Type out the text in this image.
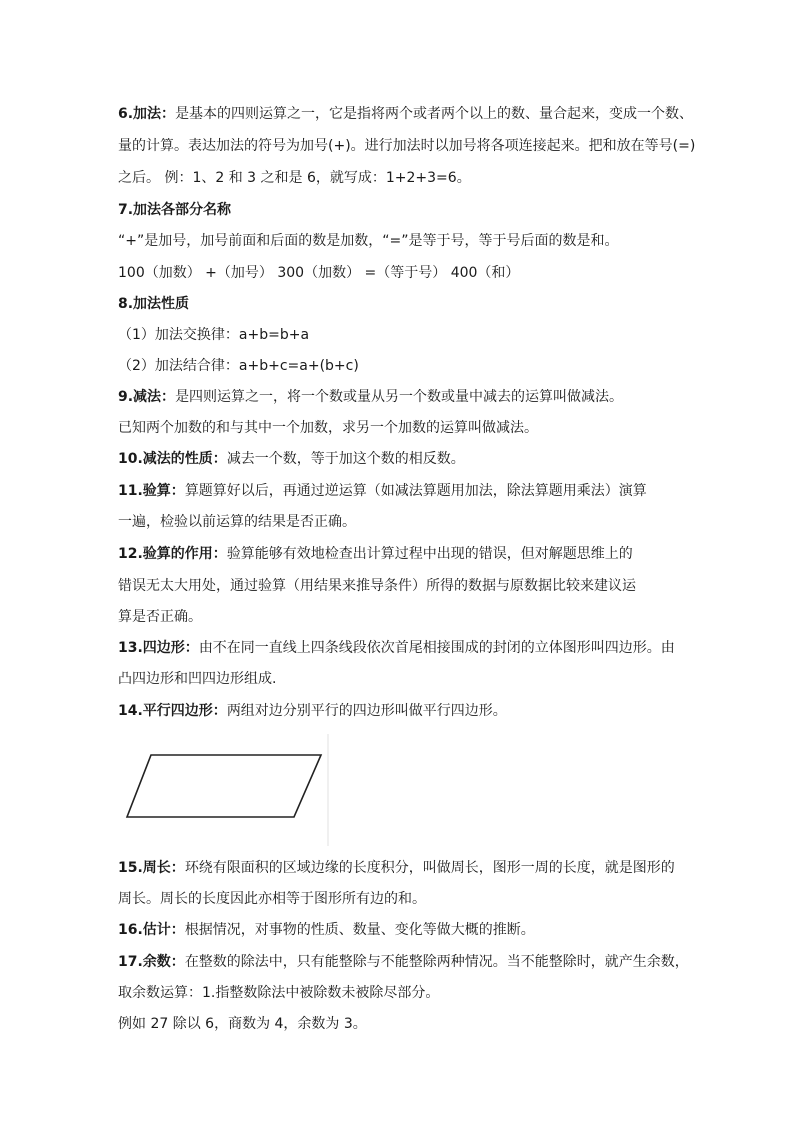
6.加法：是基本的四则运算之一，它是指将两个或者两个以上的数、量合起来，变成一个数、

量的计算。表达加法的符号为加号(+)。进行加法时以加号将各项连接起来。把和放在等号(=)

之后。 例：1、2 和 3 之和是 6，就写成：1+2+3=6。

7.加法各部分名称

“+”是加号，加号前面和后面的数是加数，“=”是等于号，等于号后面的数是和。

100（加数） +（加号） 300（加数） =（等于号） 400（和）

8.加法性质

（1）加法交换律：a+b=b+a

（2）加法结合律：a+b+c=a+(b+c)

9.减法：是四则运算之一，将一个数或量从另一个数或量中减去的运算叫做减法。

已知两个加数的和与其中一个加数，求另一个加数的运算叫做减法。

10.减法的性质：减去一个数，等于加这个数的相反数。

11.验算：算题算好以后，再通过逆运算（如减法算题用加法，除法算题用乘法）演算

一遍，检验以前运算的结果是否正确。

12.验算的作用：验算能够有效地检查出计算过程中出现的错误，但对解题思维上的

错误无太大用处，通过验算（用结果来推导条件）所得的数据与原数据比较来建议运

算是否正确。

13.四边形：由不在同一直线上四条线段依次首尾相接围成的封闭的立体图形叫四边形。由

凸四边形和凹四边形组成.

14.平行四边形：两组对边分别平行的四边形叫做平行四边形。

15.周长：环绕有限面积的区域边缘的长度积分，叫做周长，图形一周的长度，就是图形的

周长。周长的长度因此亦相等于图形所有边的和。

16.估计：根据情况，对事物的性质、数量、变化等做大概的推断。

17.余数：在整数的除法中，只有能整除与不能整除两种情况。当不能整除时，就产生余数，

取余数运算：1.指整数除法中被除数未被除尽部分。

例如 27 除以 6，商数为 4，余数为 3。
